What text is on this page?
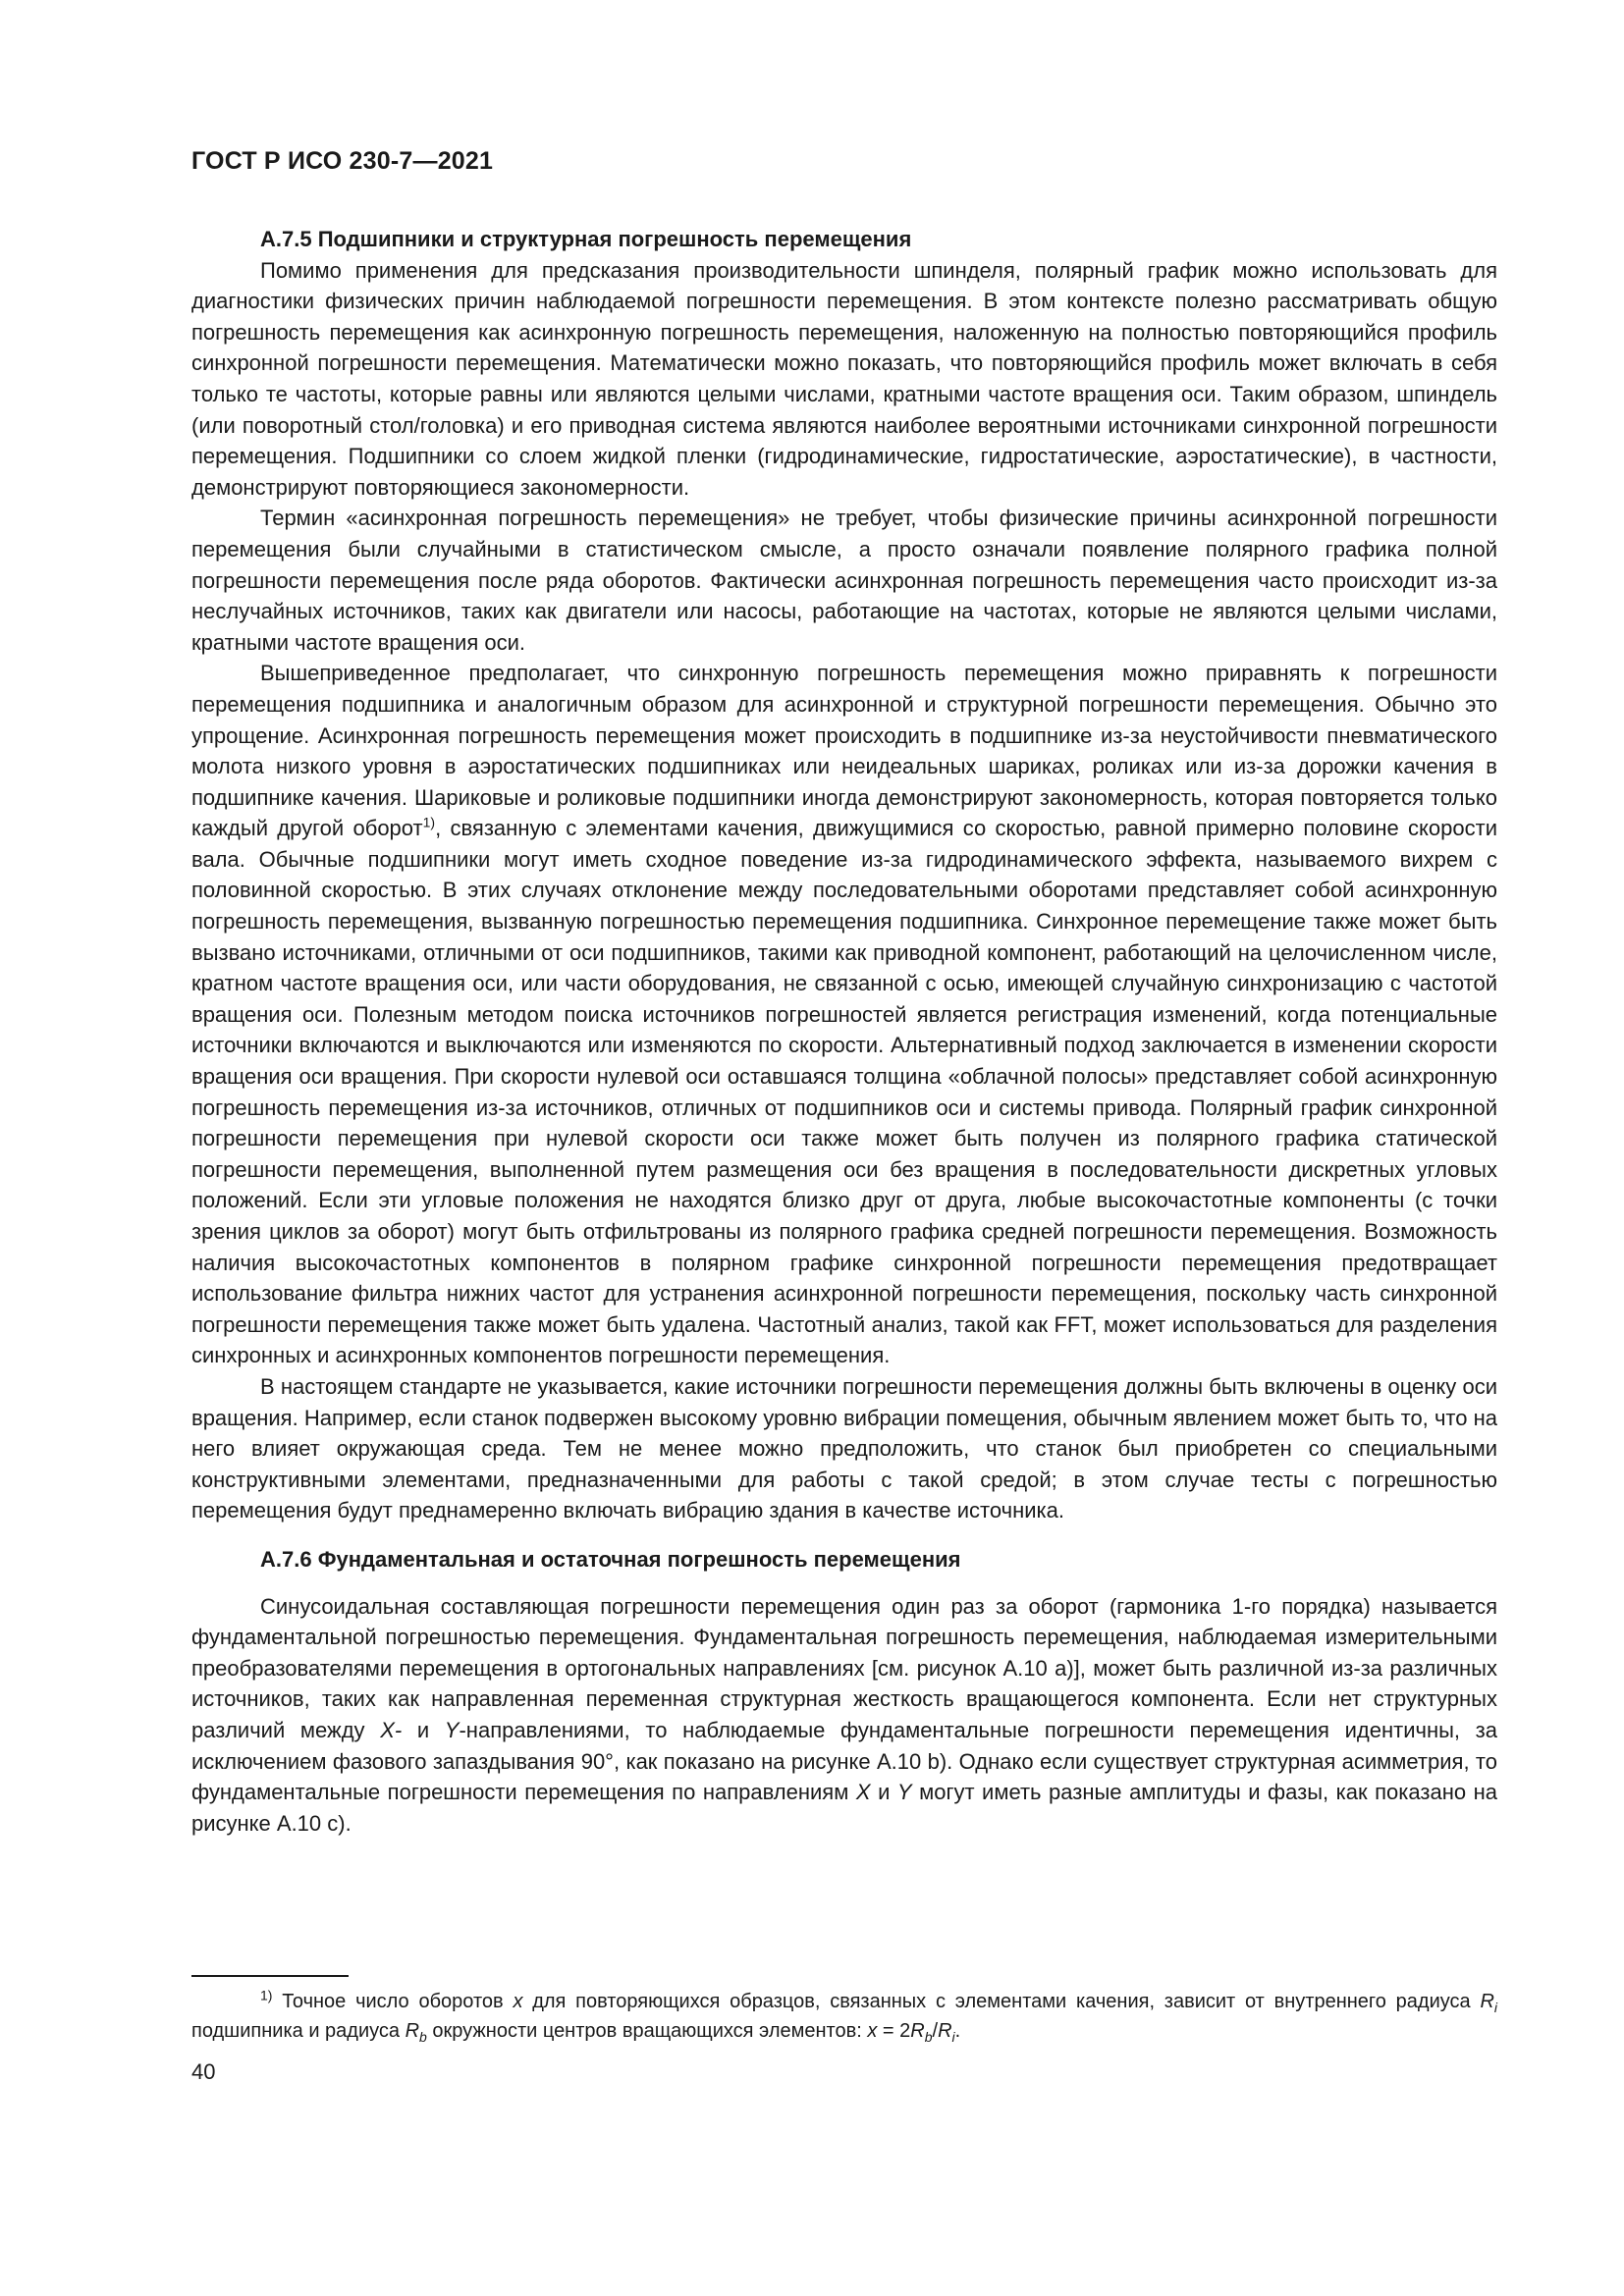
ГОСТ Р ИСО 230-7—2021
А.7.5 Подшипники и структурная погрешность перемещения

Помимо применения для предсказания производительности шпинделя, полярный график можно использовать для диагностики физических причин наблюдаемой погрешности перемещения. В этом контексте полезно рассматривать общую погрешность перемещения как асинхронную погрешность перемещения, наложенную на полностью повторяющийся профиль синхронной погрешности перемещения. Математически можно показать, что повторяющийся профиль может включать в себя только те частоты, которые равны или являются целыми числами, кратными частоте вращения оси. Таким образом, шпиндель (или поворотный стол/головка) и его приводная система являются наиболее вероятными источниками синхронной погрешности перемещения. Подшипники со слоем жидкой пленки (гидродинамические, гидростатические, аэростатические), в частности, демонстрируют повторяющиеся закономерности.

Термин «асинхронная погрешность перемещения» не требует, чтобы физические причины асинхронной погрешности перемещения были случайными в статистическом смысле, а просто означали появление полярного графика полной погрешности перемещения после ряда оборотов. Фактически асинхронная погрешность перемещения часто происходит из-за неслучайных источников, таких как двигатели или насосы, работающие на частотах, которые не являются целыми числами, кратными частоте вращения оси.

Вышеприведенное предполагает, что синхронную погрешность перемещения можно приравнять к погрешности перемещения подшипника и аналогичным образом для асинхронной и структурной погрешности перемещения. Обычно это упрощение. Асинхронная погрешность перемещения может происходить в подшипнике из-за неустойчивости пневматического молота низкого уровня в аэростатических подшипниках или неидеальных шариках, роликах или из-за дорожки качения в подшипнике качения. Шариковые и роликовые подшипники иногда демонстрируют закономерность, которая повторяется только каждый другой оборот$^{1)}$, связанную с элементами качения, движущимися со скоростью, равной примерно половине скорости вала. Обычные подшипники могут иметь сходное поведение из-за гидродинамического эффекта, называемого вихрем с половинной скоростью. В этих случаях отклонение между последовательными оборотами представляет собой асинхронную погрешность перемещения, вызванную погрешностью перемещения подшипника. Синхронное перемещение также может быть вызвано источниками, отличными от оси подшипников, такими как приводной компонент, работающий на целочисленном числе, кратном частоте вращения оси, или части оборудования, не связанной с осью, имеющей случайную синхронизацию с частотой вращения оси. Полезным методом поиска источников погрешностей является регистрация изменений, когда потенциальные источники включаются и выключаются или изменяются по скорости. Альтернативный подход заключается в изменении скорости вращения оси вращения. При скорости нулевой оси оставшаяся толщина «облачной полосы» представляет собой асинхронную погрешность перемещения из-за источников, отличных от подшипников оси и системы привода. Полярный график синхронной погрешности перемещения при нулевой скорости оси также может быть получен из полярного графика статической погрешности перемещения, выполненной путем размещения оси без вращения в последовательности дискретных угловых положений. Если эти угловые положения не находятся близко друг от друга, любые высокочастотные компоненты (с точки зрения циклов за оборот) могут быть отфильтрованы из полярного графика средней погрешности перемещения. Возможность наличия высокочастотных компонентов в полярном графике синхронной погрешности перемещения предотвращает использование фильтра нижних частот для устранения асинхронной погрешности перемещения, поскольку часть синхронной погрешности перемещения также может быть удалена. Частотный анализ, такой как FFT, может использоваться для разделения синхронных и асинхронных компонентов погрешности перемещения.

В настоящем стандарте не указывается, какие источники погрешности перемещения должны быть включены в оценку оси вращения. Например, если станок подвержен высокому уровню вибрации помещения, обычным явлением может быть то, что на него влияет окружающая среда. Тем не менее можно предположить, что станок был приобретен со специальными конструктивными элементами, предназначенными для работы с такой средой; в этом случае тесты с погрешностью перемещения будут преднамеренно включать вибрацию здания в качестве источника.

А.7.6 Фундаментальная и остаточная погрешность перемещения

Синусоидальная составляющая погрешности перемещения один раз за оборот (гармоника 1-го порядка) называется фундаментальной погрешностью перемещения. Фундаментальная погрешность перемещения, наблюдаемая измерительными преобразователями перемещения в ортогональных направлениях [см. рисунок А.10 а)], может быть различной из-за различных источников, таких как направленная переменная структурная жесткость вращающегося компонента. Если нет структурных различий между X- и Y-направлениями, то наблюдаемые фундаментальные погрешности перемещения идентичны, за исключением фазового запаздывания 90°, как показано на рисунке А.10 b). Однако если существует структурная асимметрия, то фундаментальные погрешности перемещения по направлениям X и Y могут иметь разные амплитуды и фазы, как показано на рисунке А.10 с).

$^{1)}$ Точное число оборотов x для повторяющихся образцов, связанных с элементами качения, зависит от внутреннего радиуса $R_i$ подшипника и радиуса $R_b$ окружности центров вращающихся элементов: $x = 2R_b/R_i$.

40
